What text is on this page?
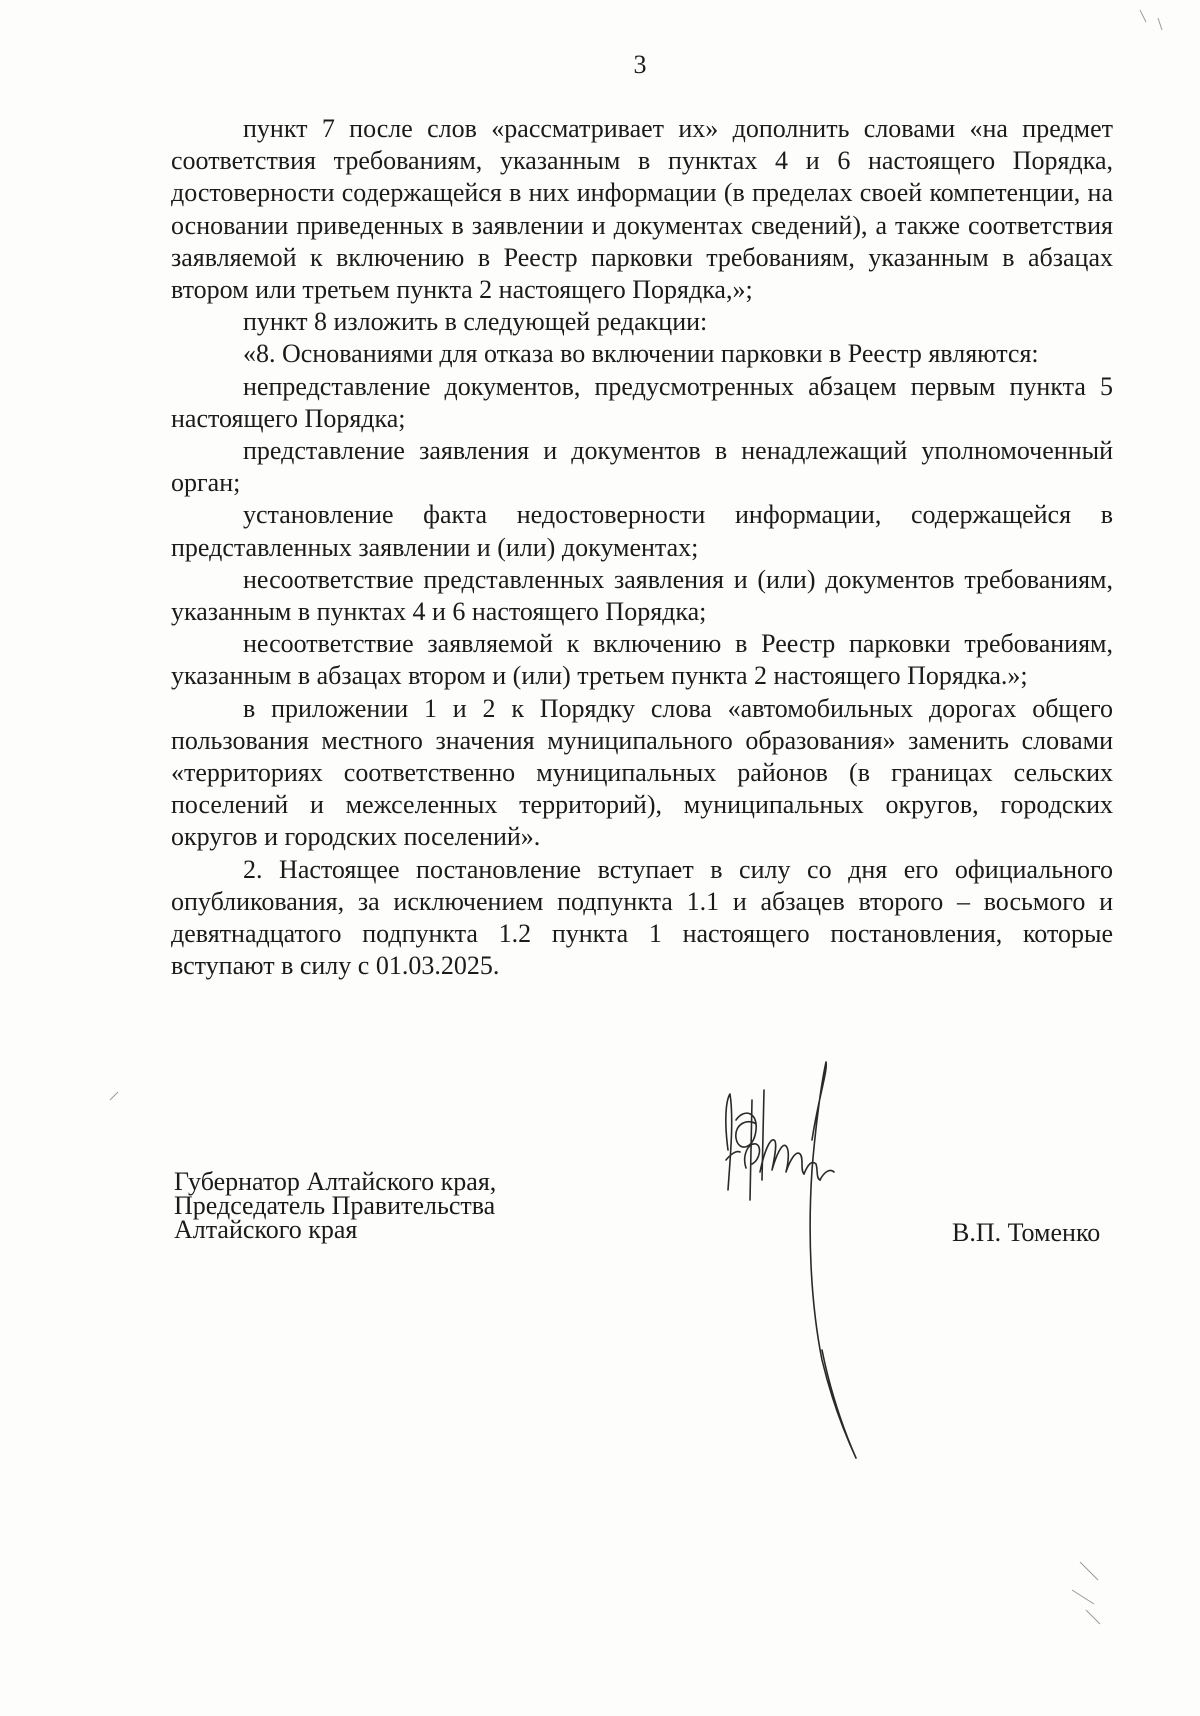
3

пункт 7 после слов «рассматривает их» дополнить словами «на предмет соответствия требованиям, указанным в пунктах 4 и 6 настоящего Порядка, достоверности содержащейся в них информации (в пределах своей компетенции, на основании приведенных в заявлении и документах сведений), а также соответствия заявляемой к включению в Реестр парковки требованиям, указанным в абзацах втором или третьем пункта 2 настоящего Порядка,»;

пункт 8 изложить в следующей редакции:

«8. Основаниями для отказа во включении парковки в Реестр являются:

непредставление документов, предусмотренных абзацем первым пункта 5 настоящего Порядка;

представление заявления и документов в ненадлежащий уполномоченный орган;

установление факта недостоверности информации, содержащейся в представленных заявлении и (или) документах;

несоответствие представленных заявления и (или) документов требованиям, указанным в пунктах 4 и 6 настоящего Порядка;

несоответствие заявляемой к включению в Реестр парковки требованиям, указанным в абзацах втором и (или) третьем пункта 2 настоящего Порядка.»;

в приложении 1 и 2 к Порядку слова «автомобильных дорогах общего пользования местного значения муниципального образования» заменить словами «территориях соответственно муниципальных районов (в границах сельских поселений и межселенных территорий), муниципальных округов, городских округов и городских поселений».

2. Настоящее постановление вступает в силу со дня его официального опубликования, за исключением подпункта 1.1 и абзацев второго – восьмого и девятнадцатого подпункта 1.2 пункта 1 настоящего постановления, которые вступают в силу с 01.03.2025.

Губернатор Алтайского края,
Председатель Правительства
Алтайского края	В.П. Томенко
